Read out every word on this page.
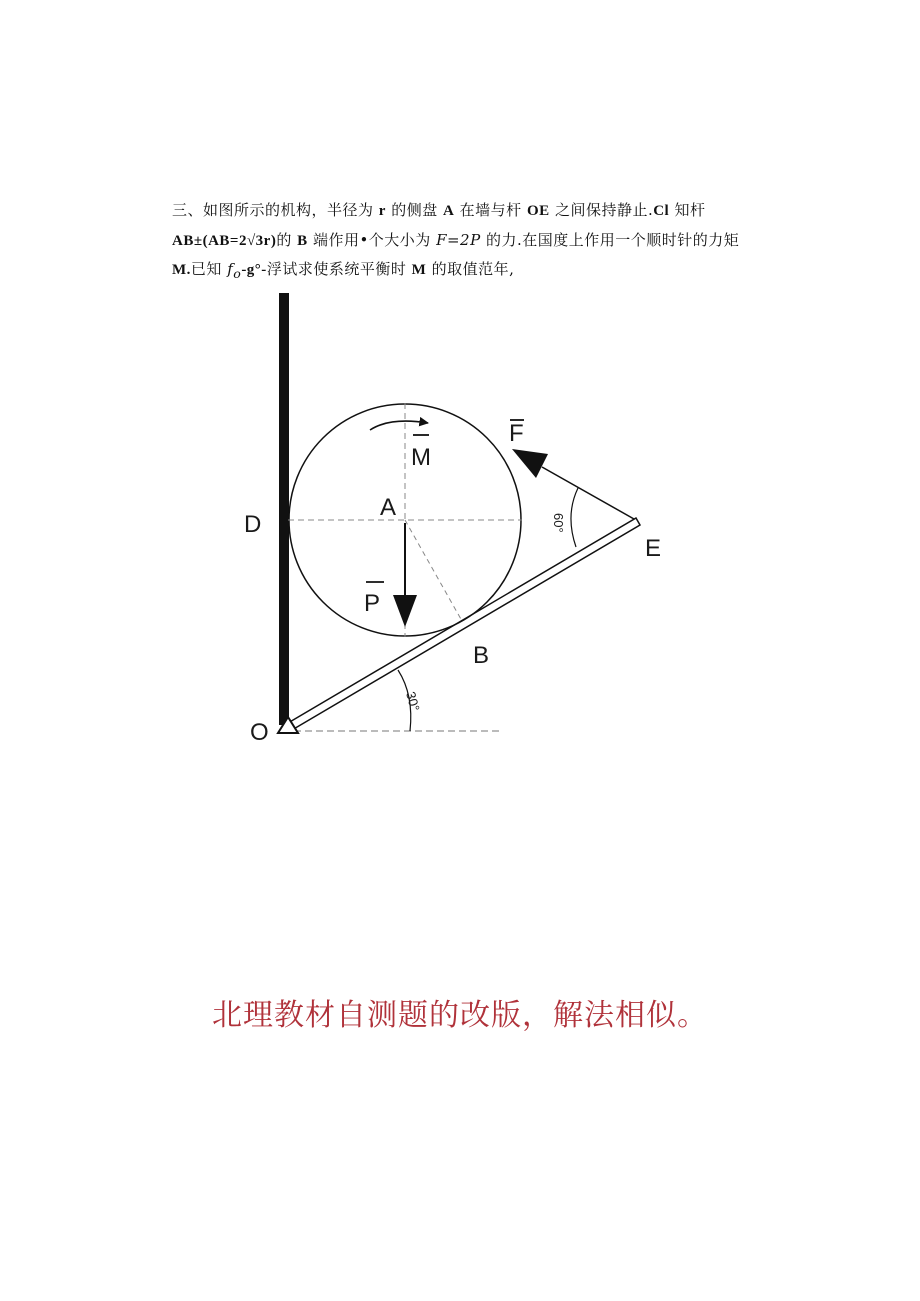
三、如图所示的机构，半径为 r 的侧盘 A 在墙与杆 OE 之间保持静止.Cl 知杆
AB±(AB=2√3r)的 B 端作用•个大小为 F=2P 的力.在国度上作用一个顺时针的力矩
M.已知 $f_o-g^\circ-$浮试求使系统平衡时 M 的取值范年,
O
D
A
B
E
M
P
F
60°
30°
北理教材自测题的改版，解法相似。
